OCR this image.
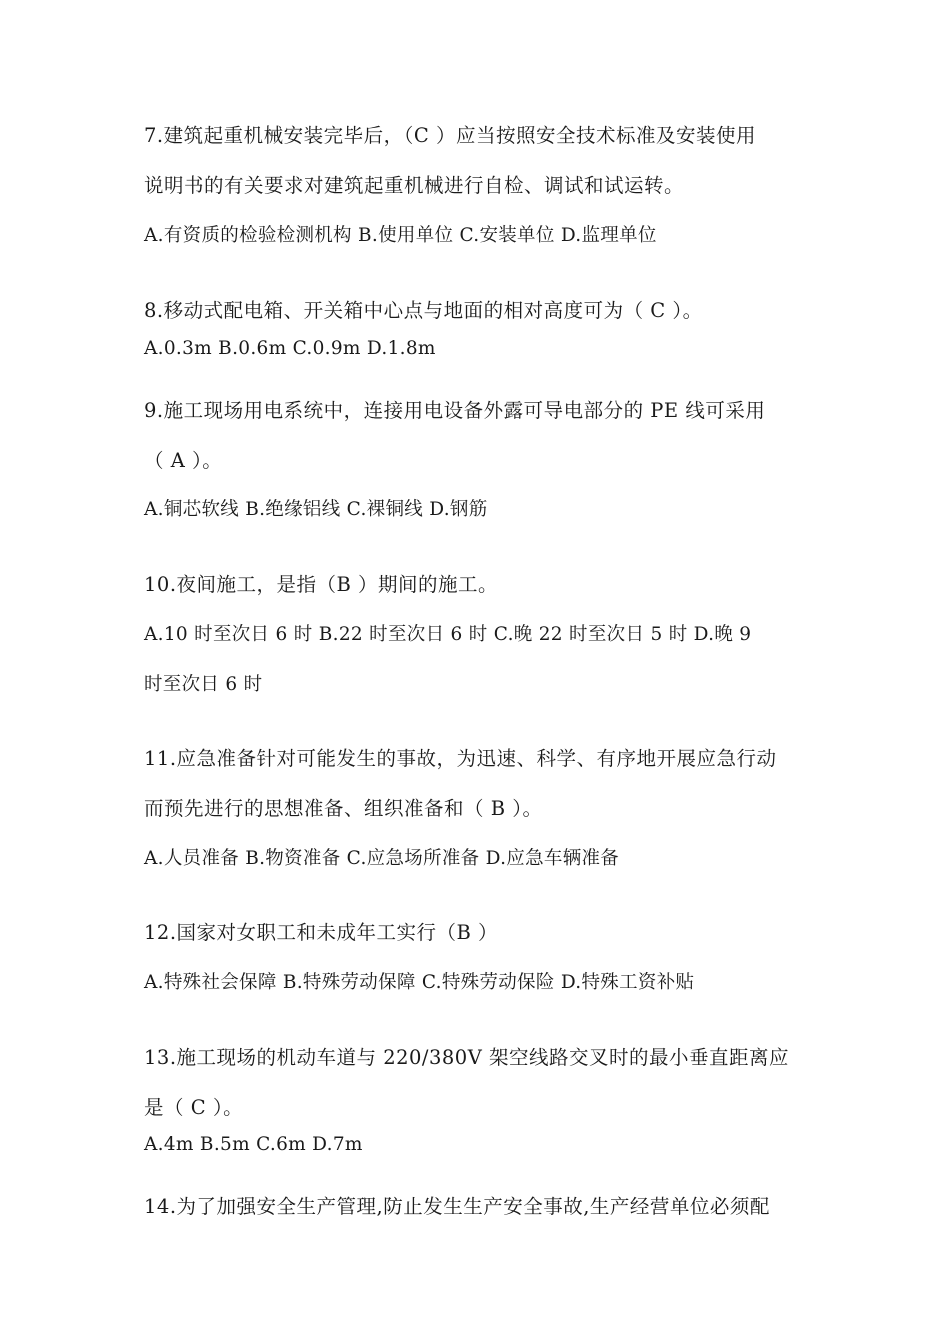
7.建筑起重机械安装完毕后，（C ）应当按照安全技术标准及安装使用
说明书的有关要求对建筑起重机械进行自检、调试和试运转。
A.有资质的检验检测机构 B.使用单位 C.安装单位 D.监理单位
8.移动式配电箱、开关箱中心点与地面的相对高度可为（ C ）。
A.0.3m B.0.6m C.0.9m D.1.8m
9.施工现场用电系统中，连接用电设备外露可导电部分的 PE 线可采用
（ A ）。
A.铜芯软线 B.绝缘铝线 C.裸铜线 D.钢筋
10.夜间施工，是指（B ）期间的施工。
A.10 时至次日 6 时 B.22 时至次日 6 时 C.晚 22 时至次日 5 时 D.晚 9
时至次日 6 时
11.应急准备针对可能发生的事故，为迅速、科学、有序地开展应急行动
而预先进行的思想准备、组织准备和（ B ）。
A.人员准备 B.物资准备 C.应急场所准备 D.应急车辆准备
12.国家对女职工和未成年工实行（B ）
A.特殊社会保障 B.特殊劳动保障 C.特殊劳动保险 D.特殊工资补贴
13.施工现场的机动车道与 220/380V 架空线路交叉时的最小垂直距离应
是（ C ）。
A.4m B.5m C.6m D.7m
14.为了加强安全生产管理,防止发生生产安全事故,生产经营单位必须配
